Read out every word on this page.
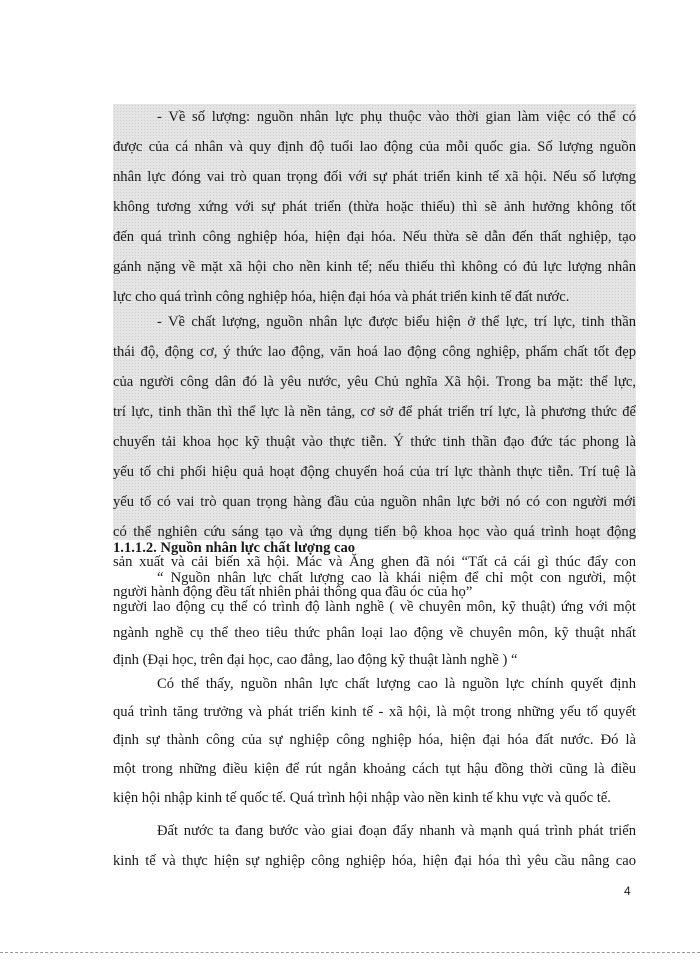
- Về số lượng: nguồn nhân lực phụ thuộc vào thời gian làm việc có thể có
được của cá nhân và quy định độ tuổi lao động của mỗi quốc gia. Số lượng nguồn
nhân lực đóng vai trò quan trọng đối với sự phát triển kinh tế xã hội. Nếu số lượng
không tương xứng với sự phát triển (thừa hoặc thiếu) thì sẽ ảnh hưởng không tốt
đến quá trình công nghiệp hóa, hiện đại hóa. Nếu thừa sẽ dẫn đến thất nghiệp, tạo
gánh nặng về mặt xã hội cho nền kinh tế; nếu thiếu thì không có đủ lực lượng nhân
lực cho quá trình công nghiệp hóa, hiện đại hóa và phát triển kinh tế đất nước.
- Về chất lượng, nguồn nhân lực được biểu hiện ở thể lực, trí lực, tinh thần
thái độ, động cơ, ý thức lao động, văn hoá lao động công nghiệp, phẩm chất tốt đẹp
của người công dân đó là yêu nước, yêu Chủ nghĩa Xã hội. Trong ba mặt: thể lực,
trí lực, tinh thần thì thể lực là nền tảng, cơ sở để phát triển trí lực, là phương thức để
chuyển tải khoa học kỹ thuật vào thực tiễn. Ý thức tinh thần đạo đức tác phong là
yếu tố chi phối hiệu quả hoạt động chuyển hoá của trí lực thành thực tiễn. Trí tuệ là
yếu tố có vai trò quan trọng hàng đầu của nguồn nhân lực bởi nó có con người mới
có thể nghiên cứu sáng tạo và ứng dụng tiến bộ khoa học vào quá trình hoạt động
sản xuất và cải biến xã hội. Mác và Ăng ghen đã nói “Tất cả cái gì thúc đẩy con
người hành động đều tất nhiên phải thông qua đầu óc của họ”
1.1.1.2. Nguồn nhân lực chất lượng cao
“ Nguồn nhân lực chất lượng cao là khái niệm để chỉ một con người, một
người lao động cụ thể có trình độ lành nghề ( về chuyên môn, kỹ thuật) ứng với một
ngành nghề cụ thể theo tiêu thức phân loại lao động về chuyên môn, kỹ thuật nhất
định (Đại học, trên đại học, cao đẳng, lao động kỹ thuật lành nghề ) “
Có thể thấy, nguồn nhân lực chất lượng cao là nguồn lực chính quyết định
quá trình tăng trưởng và phát triển kinh tế - xã hội, là một trong những yếu tố quyết
định sự thành công của sự nghiệp công nghiệp hóa, hiện đại hóa đất nước. Đó là
một trong những điều kiện để rút ngắn khoảng cách tụt hậu đồng thời cũng là điều
kiện hội nhập kinh tế quốc tế. Quá trình hội nhập vào nền kinh tế khu vực và quốc tế.
Đất nước ta đang bước vào giai đoạn đẩy nhanh và mạnh quá trình phát triển
kinh tế và thực hiện sự nghiệp công nghiệp hóa, hiện đại hóa thì yêu cầu nâng cao
4
